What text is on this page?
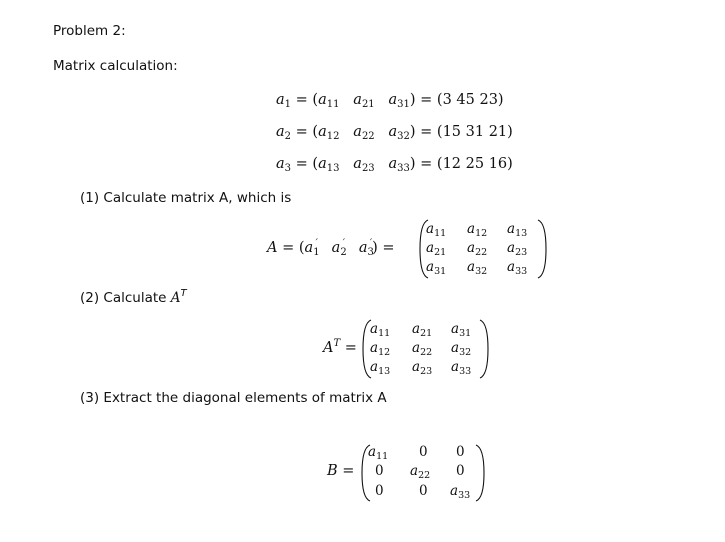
Problem 2:
Matrix calculation:
$a_1 = (a_{11}$ $a_{21}$ $a_{31}) = (3$ 45 23)
$a_2 = (a_{12}$ $a_{22}$ $a_{32}) = (15$ 31 21)
$a_3 = (a_{13}$ $a_{23}$ $a_{33}) = (12$ 25 16)
(1) Calculate matrix A, which is
$A = (a_1'$ $a_2'$ $a_3'$) =
$a_{11}$ $a_{12}$ $a_{13}$
$a_{21}$ $a_{22}$ $a_{23}$
$a_{31}$ $a_{32}$ $a_{33}$
(2) Calculate $A^T$
$A^T$ =
$a_{11}$ $a_{21}$ $a_{31}$
$a_{12}$ $a_{22}$ $a_{32}$
$a_{13}$ $a_{23}$ $a_{33}$
(3) Extract the diagonal elements of matrix A
B =
$a_{11}$ 0 0
0 $a_{22}$ 0
0	0 $a_{33}$
